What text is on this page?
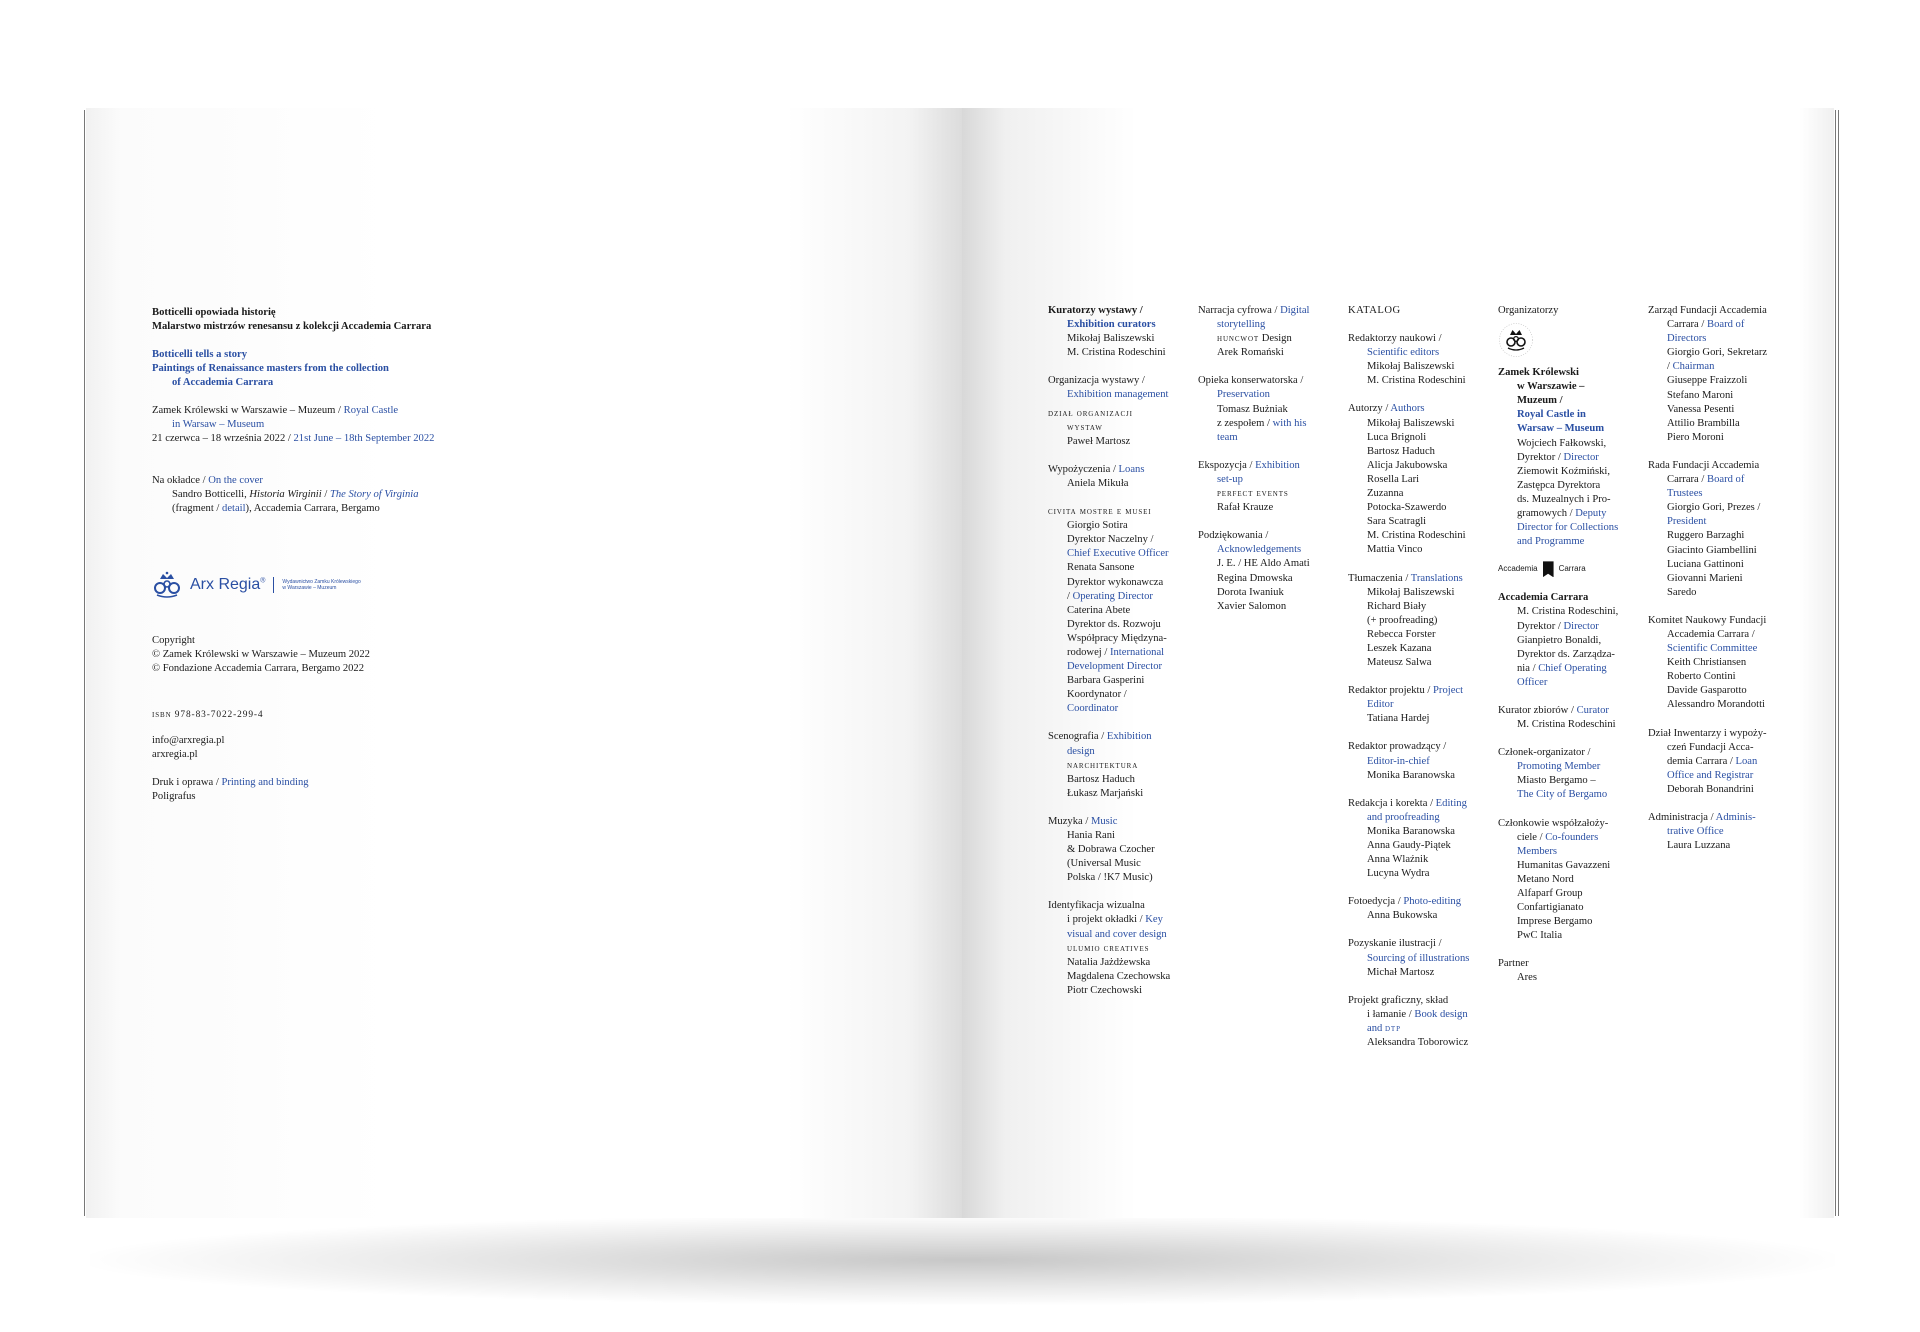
Botticelli opowiada historię
Malarstwo mistrzów renesansu z kolekcji Accademia Carrara
Botticelli tells a story
Paintings of Renaissance masters from the collection
of Accademia Carrara
Zamek Królewski w Warszawie – Muzeum / Royal Castle
in Warsaw – Museum
21 czerwca – 18 września 2022 / 21st June – 18th September 2022
Na okładce / On the cover
Sandro Botticelli, Historia Wirginii / The Story of Virginia
(fragment / detail), Accademia Carrara, Bergamo
Arx Regia®	Wydawnictwo Zamku Królewskiego
w Warszawie – Muzeum
Copyright
© Zamek Królewski w Warszawie – Muzeum 2022
© Fondazione Accademia Carrara, Bergamo 2022
isbn 978-83-7022-299-4
info@arxregia.pl
arxregia.pl
Druk i oprawa / Printing and binding
Poligrafus
Kuratorzy wystawy /
Exhibition curators
Mikołaj Baliszewski
M. Cristina Rodeschini
Organizacja wystawy /
Exhibition management
dział organizacji
wystaw
Paweł Martosz
Wypożyczenia / Loans
Aniela Mikuła
civita mostre e musei
Giorgio Sotira
Dyrektor Naczelny /
Chief Executive Officer
Renata Sansone
Dyrektor wykonawcza
/ Operating Director
Caterina Abete
Dyrektor ds. Rozwoju
Współpracy Międzyna-
rodowej / International
Development Director
Barbara Gasperini
Koordynator /
Coordinator
Scenografia / Exhibition
design
narchitektura
Bartosz Haduch
Łukasz Marjański
Muzyka / Music
Hania Rani
& Dobrawa Czocher
(Universal Music
Polska / !K7 Music)
Identyfikacja wizualna
i projekt okładki / Key
visual and cover design
ulumio creatives
Natalia Jażdżewska
Magdalena Czechowska
Piotr Czechowski
Narracja cyfrowa / Digital
storytelling
huncwot Design
Arek Romański
Opieka konserwatorska /
Preservation
Tomasz Bużniak
z zespołem / with his
team
Ekspozycja / Exhibition
set-up
perfect events
Rafał Krauze
Podziękowania /
Acknowledgements
J. E. / HE Aldo Amati
Regina Dmowska
Dorota Iwaniuk
Xavier Salomon
KATALOG
Redaktorzy naukowi /
Scientific editors
Mikołaj Baliszewski
M. Cristina Rodeschini
Autorzy / Authors
Mikołaj Baliszewski
Luca Brignoli
Bartosz Haduch
Alicja Jakubowska
Rosella Lari
Zuzanna
Potocka-Szawerdo
Sara Scatragli
M. Cristina Rodeschini
Mattia Vinco
Tłumaczenia / Translations
Mikołaj Baliszewski
Richard Biały
(+ proofreading)
Rebecca Forster
Leszek Kazana
Mateusz Salwa
Redaktor projektu / Project
Editor
Tatiana Hardej
Redaktor prowadzący /
Editor-in-chief
Monika Baranowska
Redakcja i korekta / Editing
and proofreading
Monika Baranowska
Anna Gaudy-Piątek
Anna Wlaźnik
Lucyna Wydra
Fotoedycja / Photo-editing
Anna Bukowska
Pozyskanie ilustracji /
Sourcing of illustrations
Michał Martosz
Projekt graficzny, skład
i łamanie / Book design
and dtp
Aleksandra Toborowicz
Organizatorzy
Zamek Królewski
w Warszawie –
Muzeum /
Royal Castle in
Warsaw – Museum
Wojciech Fałkowski,
Dyrektor / Director
Ziemowit Koźmiński,
Zastępca Dyrektora
ds. Muzealnych i Pro-
gramowych / Deputy
Director for Collections
and Programme
Accademia	Carrara
Accademia Carrara
M. Cristina Rodeschini,
Dyrektor / Director
Gianpietro Bonaldi,
Dyrektor ds. Zarządza-
nia / Chief Operating
Officer
Kurator zbiorów / Curator
M. Cristina Rodeschini
Członek-organizator /
Promoting Member
Miasto Bergamo –
The City of Bergamo
Członkowie współzałoży-
ciele / Co-founders
Members
Humanitas Gavazzeni
Metano Nord
Alfaparf Group
Confartigianato
Imprese Bergamo
PwC Italia
Partner
Ares
Zarząd Fundacji Accademia
Carrara / Board of
Directors
Giorgio Gori, Sekretarz
/ Chairman
Giuseppe Fraizzoli
Stefano Maroni
Vanessa Pesenti
Attilio Brambilla
Piero Moroni
Rada Fundacji Accademia
Carrara / Board of
Trustees
Giorgio Gori, Prezes /
President
Ruggero Barzaghi
Giacinto Giambellini
Luciana Gattinoni
Giovanni Marieni
Saredo
Komitet Naukowy Fundacji
Accademia Carrara /
Scientific Committee
Keith Christiansen
Roberto Contini
Davide Gasparotto
Alessandro Morandotti
Dział Inwentarzy i wypoży-
czeń Fundacji Acca-
demia Carrara / Loan
Office and Registrar
Deborah Bonandrini
Administracja / Adminis-
trative Office
Laura Luzzana
